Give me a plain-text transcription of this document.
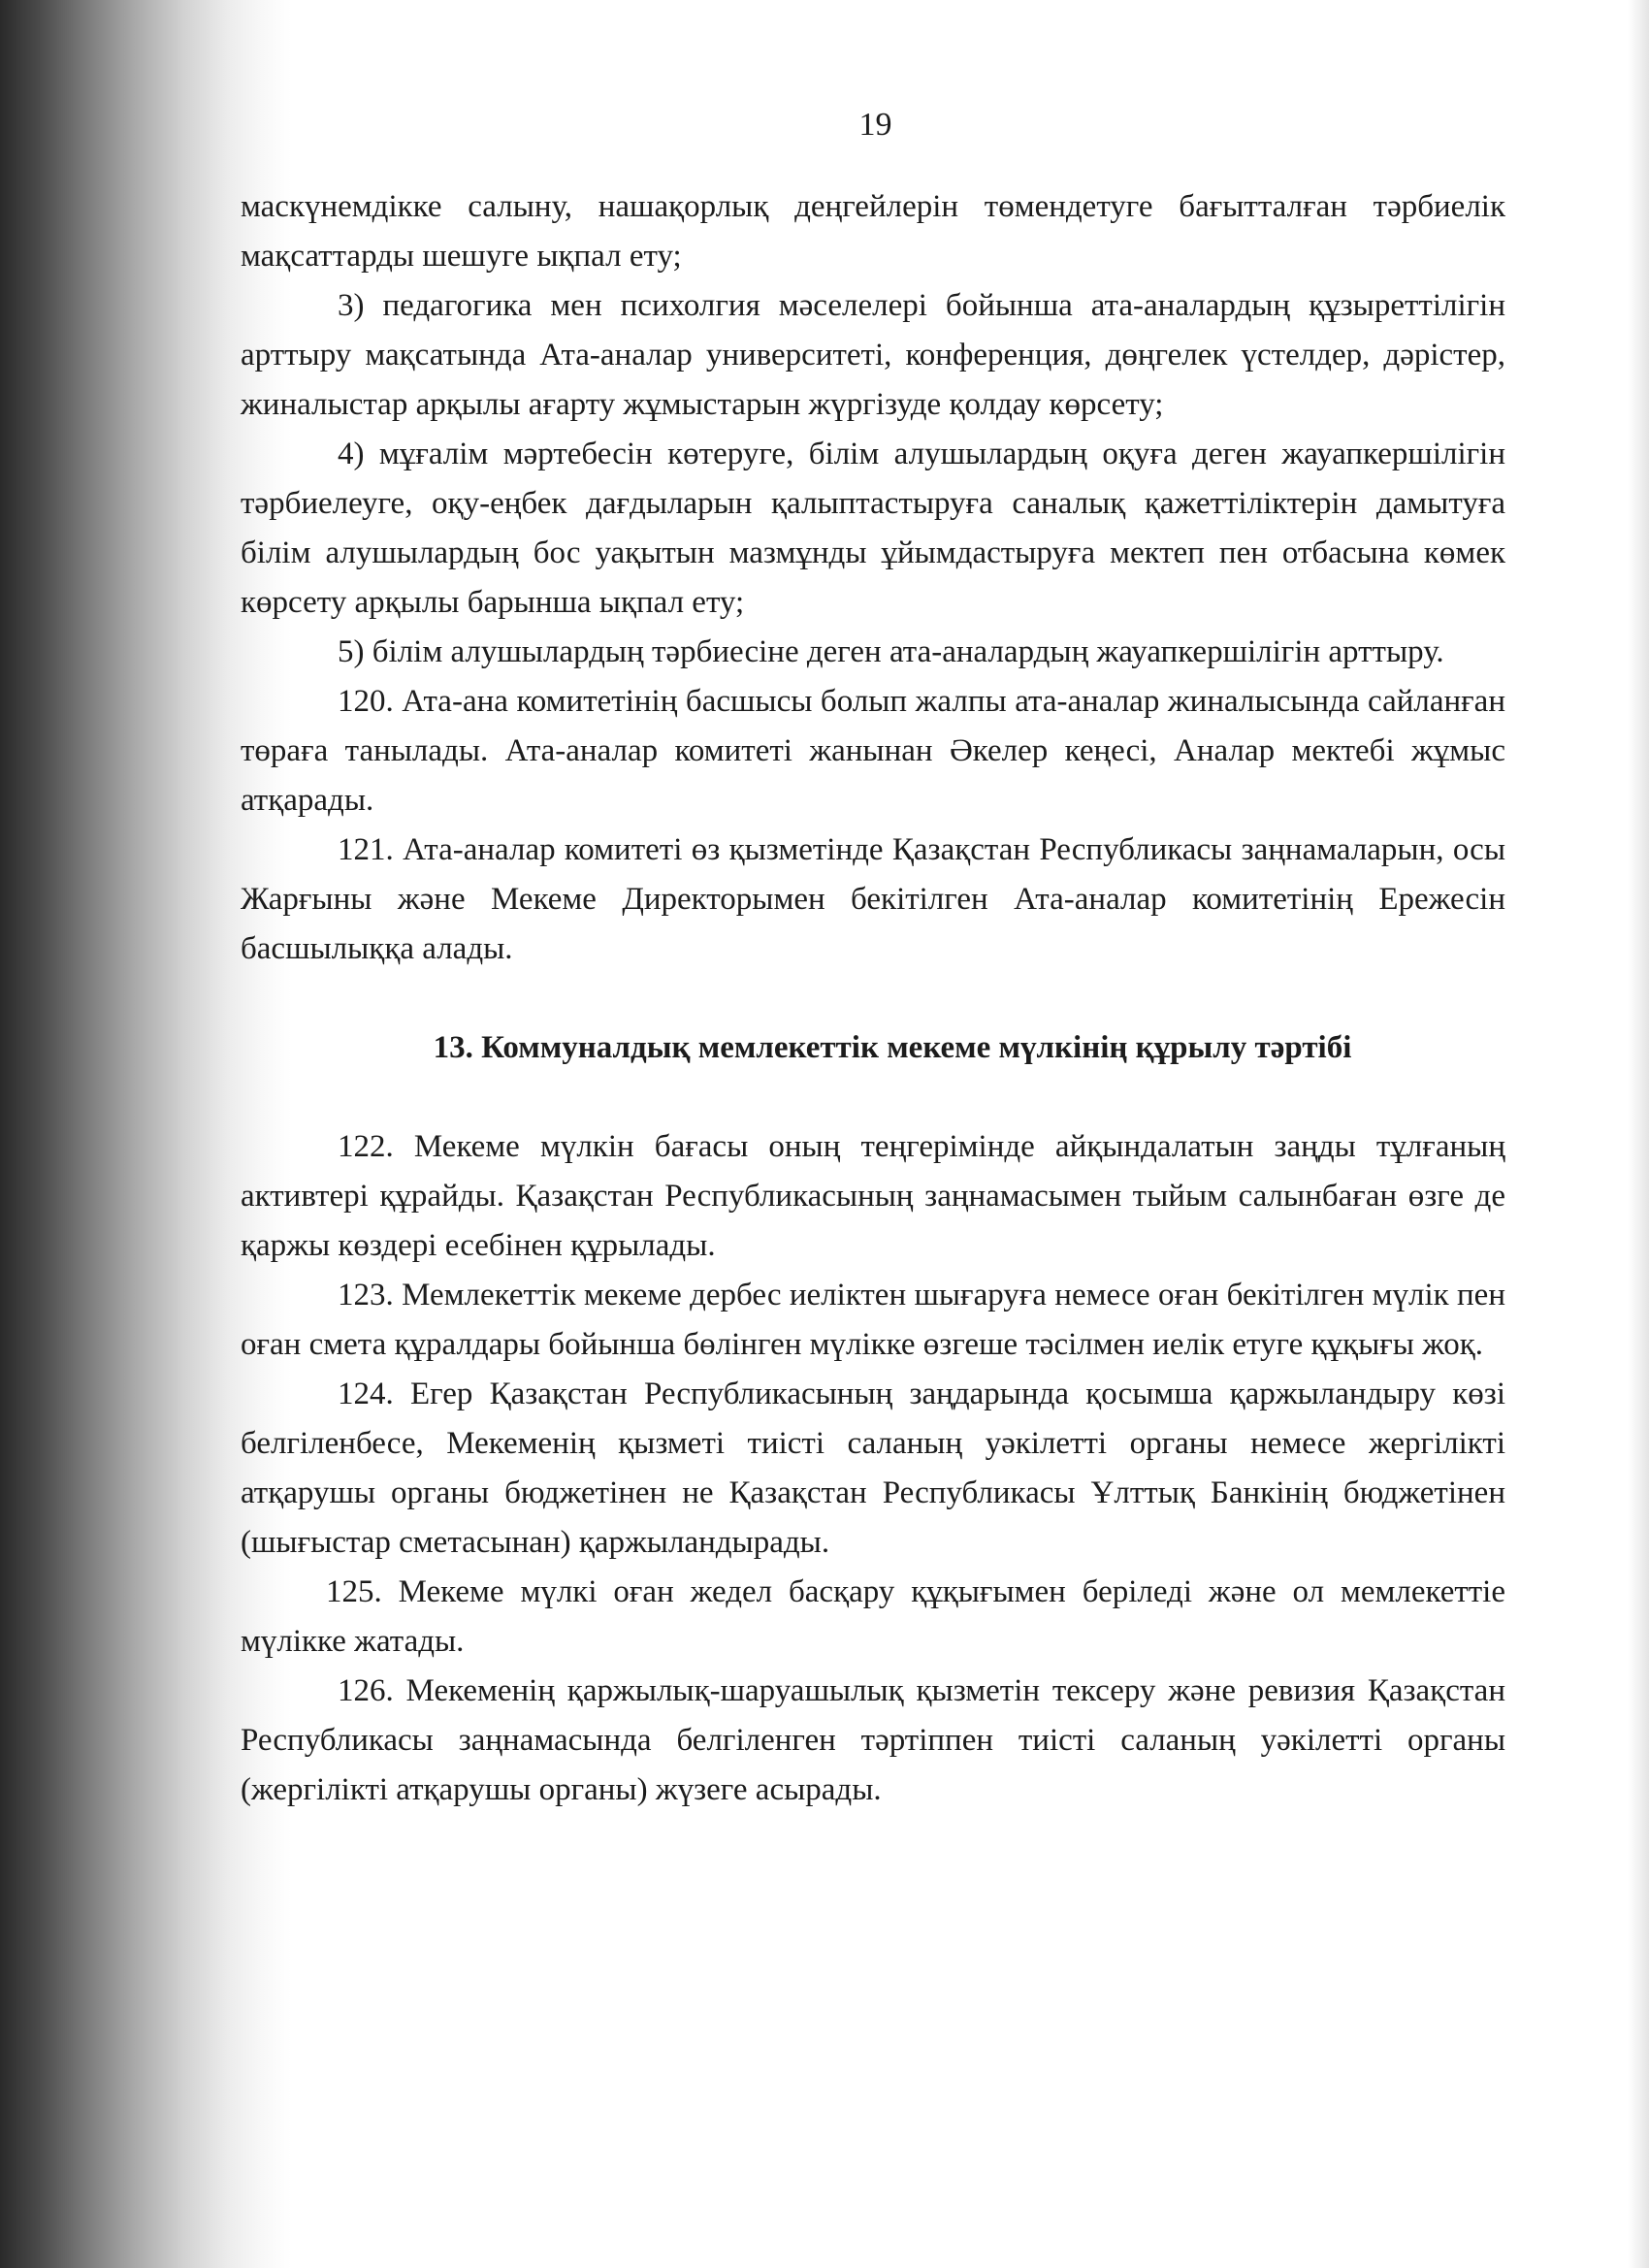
19

маскүнемдікке салыну, нашақорлық деңгейлерін төмендетуге бағытталған тәрбиелік мақсаттарды шешуге ықпал ету;

3) педагогика мен психолгия мәселелері бойынша ата-аналардың құзыреттілігін арттыру мақсатында Ата-аналар университеті, конференция, дөңгелек үстелдер, дәрістер, жиналыстар арқылы ағарту жұмыстарын жүргізуде қолдау көрсету;

4) мұғалім мәртебесін көтеруге, білім алушылардың оқуға деген жауапкершілігін тәрбиелеуге, оқу-еңбек дағдыларын қалыптастыруға саналық қажеттіліктерін дамытуға білім алушылардың бос уақытын мазмұнды ұйымдастыруға мектеп пен отбасына көмек көрсету арқылы барынша ықпал ету;

5) білім алушылардың тәрбиесіне деген ата-аналардың жауапкершілігін арттыру.

120. Ата-ана комитетінің басшысы болып жалпы ата-аналар жиналысында сайланған төраға танылады. Ата-аналар комитеті жанынан Әкелер кеңесі, Аналар мектебі жұмыс атқарады.

121. Ата-аналар комитеті өз қызметінде Қазақстан Республикасы заңнамаларын, осы Жарғыны және Мекеме Директорымен бекітілген Ата-аналар комитетінің Ережесін басшылыққа алады.

13. Коммуналдық мемлекеттік мекеме мүлкінің құрылу тәртібі

122. Мекеме мүлкін бағасы оның теңгерімінде айқындалатын заңды тұлғаның активтері құрайды. Қазақстан Республикасының заңнамасымен тыйым салынбаған өзге де қаржы көздері есебінен құрылады.

123. Мемлекеттік мекеме дербес иеліктен шығаруға немесе оған бекітілген мүлік пен оған смета құралдары бойынша бөлінген мүлікке өзгеше тәсілмен иелік етуге құқығы жоқ.

124. Егер Қазақстан Республикасының заңдарында қосымша қаржыландыру көзі белгіленбесе, Мекеменің қызметі тиісті саланың уәкілетті органы немесе жергілікті атқарушы органы бюджетінен не Қазақстан Республикасы Ұлттық Банкінің бюджетінен (шығыстар сметасынан) қаржыландырады.

125. Мекеме мүлкі оған жедел басқару құқығымен беріледі және ол мемлекеттіе мүлікке жатады.

126. Мекеменің қаржылық-шаруашылық қызметін тексеру және ревизия Қазақстан Республикасы заңнамасында белгіленген тәртіппен тиісті саланың уәкілетті органы (жергілікті атқарушы органы) жүзеге асырады.
